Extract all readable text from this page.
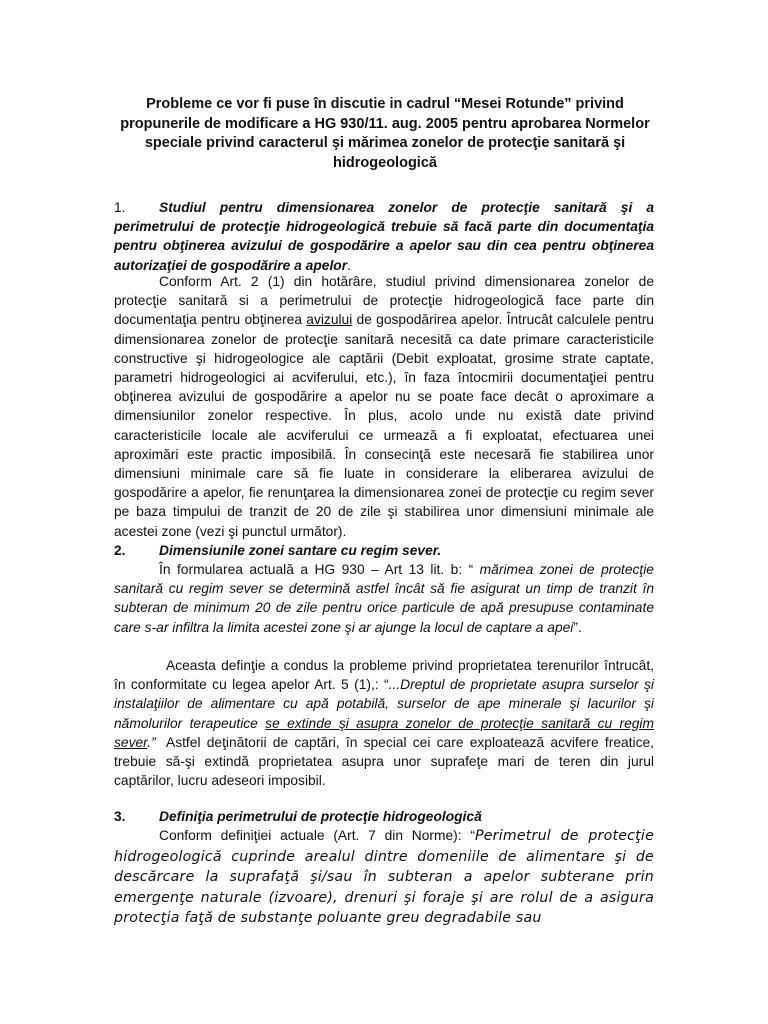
Probleme ce vor fi puse în discutie in cadrul “Mesei Rotunde” privind propunerile de modificare a HG 930/11. aug. 2005 pentru aprobarea Normelor speciale privind caracterul şi mărimea zonelor de protecţie sanitară şi hidrogeologică
1. Studiul pentru dimensionarea zonelor de protecţie sanitară şi a perimetrului de protecţie hidrogeologică trebuie să facă parte din documentaţia pentru obţinerea avizului de gospodărire a apelor sau din cea pentru obţinerea autorizaţiei de gospodărire a apelor.
Conform Art. 2 (1) din hotărâre, studiul privind dimensionarea zonelor de protecţie sanitară si a perimetrului de protecţie hidrogeologică face parte din documentaţia pentru obţinerea avizului de gospodărirea apelor. Întrucât calculele pentru dimensionarea zonelor de protecţie sanitară necesită ca date primare caracteristicile constructive şi hidrogeologice ale captării (Debit exploatat, grosime strate captate, parametri hidrogeologici ai acviferului, etc.), în faza întocmirii documentaţiei pentru obţinerea avizului de gospodărire a apelor nu se poate face decât o aproximare a dimensiunilor zonelor respective. În plus, acolo unde nu există date privind caracteristicile locale ale acviferului ce urmează a fi exploatat, efectuarea unei aproximări este practic imposibilă. În consecinţă este necesară fie stabilirea unor dimensiuni minimale care să fie luate in considerare la eliberarea avizului de gospodărire a apelor, fie renunţarea la dimensionarea zonei de protecţie cu regim sever pe baza timpului de tranzit de 20 de zile şi stabilirea unor dimensiuni minimale ale acestei zone (vezi şi punctul următor).
2. Dimensiunile zonei santare cu regim sever.
În formularea actuală a HG 930 – Art 13 lit. b: “ mărimea zonei de protecţie sanitară cu regim sever se determină astfel încât să fie asigurat un timp de tranzit în subteran de minimum 20 de zile pentru orice particule de apă presupuse contaminate care s-ar infiltra la limita acestei zone şi ar ajunge la locul de captare a apei”.
Aceasta definţie a condus la probleme privind proprietatea terenurilor întrucât, în conformitate cu legea apelor Art. 5 (1),: “...Dreptul de proprietate asupra surselor şi instalaţiilor de alimentare cu apă potabilă, surselor de ape minerale şi lacurilor şi nămolurilor terapeutice se extinde şi asupra zonelor de protecţie sanitară cu regim sever.” Astfel deţinătorii de captări, în special cei care exploatează acvifere freatice, trebuie să-şi extindă proprietatea asupra unor suprafeţe mari de teren din jurul captărilor, lucru adeseori imposibil.
3. Definiţia perimetrului de protecţie hidrogeologică
Conform definiţiei actuale (Art. 7 din Norme): “Perimetrul de protecţie hidrogeologică cuprinde arealul dintre domeniile de alimentare şi de descărcare la suprafaţă şi/sau în subteran a apelor subterane prin emergenţe naturale (izvoare), drenuri şi foraje şi are rolul de a asigura protecţia faţă de substanţe poluante greu degradabile sau
